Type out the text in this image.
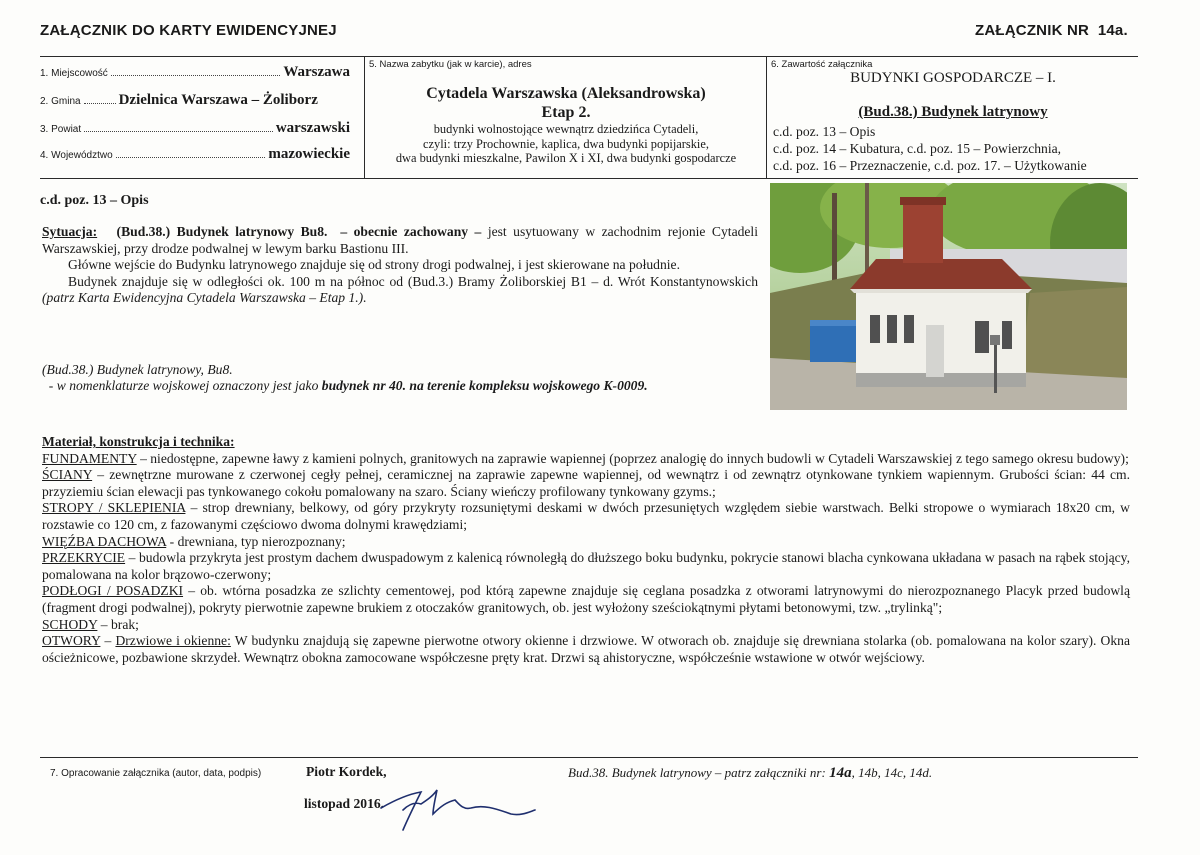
ZAŁĄCZNIK DO KARTY EWIDENCYJNEJ	ZAŁĄCZNIK NR 14a.
1. Miejscowość	Warszawa
2. Gmina	Dzielnica Warszawa – Żoliborz
3. Powiat	warszawski
4. Województwo	mazowieckie
5. Nazwa zabytku (jak w karcie), adres
Cytadela Warszawska (Aleksandrowska)
Etap 2.
budynki wolnostojące wewnątrz dziedzińca Cytadeli,
czyli: trzy Prochownie, kaplica, dwa budynki popijarskie,
dwa budynki mieszkalne, Pawilon X i XI, dwa budynki gospodarcze
6. Zawartość załącznika
BUDYNKI GOSPODARCZE – I.
(Bud.38.) Budynek latrynowy
c.d. poz. 13 – Opis
c.d. poz. 14 – Kubatura, c.d. poz. 15 – Powierzchnia,
c.d. poz. 16 – Przeznaczenie, c.d. poz. 17. – Użytkowanie
c.d. poz. 13 – Opis

Sytuacja: (Bud.38.) Budynek latrynowy Bu8. – obecnie zachowany – jest usytuowany w zachodnim rejonie Cytadeli Warszawskiej, przy drodze podwalnej w lewym barku Bastionu III.

Główne wejście do Budynku latrynowego znajduje się od strony drogi podwalnej, i jest skierowane na południe.

Budynek znajduje się w odległości ok. 100 m na północ od (Bud.3.) Bramy Żoliborskiej B1 – d. Wrót Konstantynowskich (patrz Karta Ewidencyjna Cytadela Warszawska – Etap 1.).

(Bud.38.) Budynek latrynowy, Bu8.
- w nomenklaturze wojskowej oznaczony jest jako budynek nr 40. na terenie kompleksu wojskowego K-0009.

Materiał, konstrukcja i technika:

FUNDAMENTY – niedostępne, zapewne ławy z kamieni polnych, granitowych na zaprawie wapiennej (poprzez analogię do innych budowli w Cytadeli Warszawskiej z tego samego okresu budowy);

ŚCIANY – zewnętrzne murowane z czerwonej cegły pełnej, ceramicznej na zaprawie zapewne wapiennej, od wewnątrz i od zewnątrz otynkowane tynkiem wapiennym. Grubości ścian: 44 cm. przyziemiu ścian elewacji pas tynkowanego cokołu pomalowany na szaro. Ściany wieńczy profilowany tynkowany gzyms.;

STROPY / SKLEPIENIA – strop drewniany, belkowy, od góry przykryty rozsuniętymi deskami w dwóch przesuniętych względem siebie warstwach. Belki stropowe o wymiarach 18x20 cm, w rozstawie co 120 cm, z fazowanymi częściowo dwoma dolnymi krawędziami;

WIĘŹBA DACHOWA - drewniana, typ nierozpoznany;

PRZEKRYCIE – budowla przykryta jest prostym dachem dwuspadowym z kalenicą równoległą do dłuższego boku budynku, pokrycie stanowi blacha cynkowana układana w pasach na rąbek stojący, pomalowana na kolor brązowo-czerwony;

PODŁOGI / POSADZKI – ob. wtórna posadzka ze szlichty cementowej, pod którą zapewne znajduje się ceglana posadzka z otworami latrynowymi do nierozpoznanego Placyk przed budowlą (fragment drogi podwalnej), pokryty pierwotnie zapewne brukiem z otoczaków granitowych, ob. jest wyłożony sześciokątnymi płytami betonowymi, tzw. „trylinką";

SCHODY – brak;

OTWORY – Drzwiowe i okienne: W budynku znajdują się zapewne pierwotne otwory okienne i drzwiowe. W otworach ob. znajduje się drewniana stolarka (ob. pomalowana na kolor szary). Okna ościeżnicowe, pozbawione skrzydeł. Wewnątrz obokna zamocowane współczesne pręty krat. Drzwi są ahistoryczne, współcześnie wstawione w otwór wejściowy.

7. Opracowanie załącznika (autor, data, podpis)	Piotr Kordek,
listopad 2016.
Bud.38. Budynek latrynowy – patrz załączniki nr: 14a, 14b, 14c, 14d.
